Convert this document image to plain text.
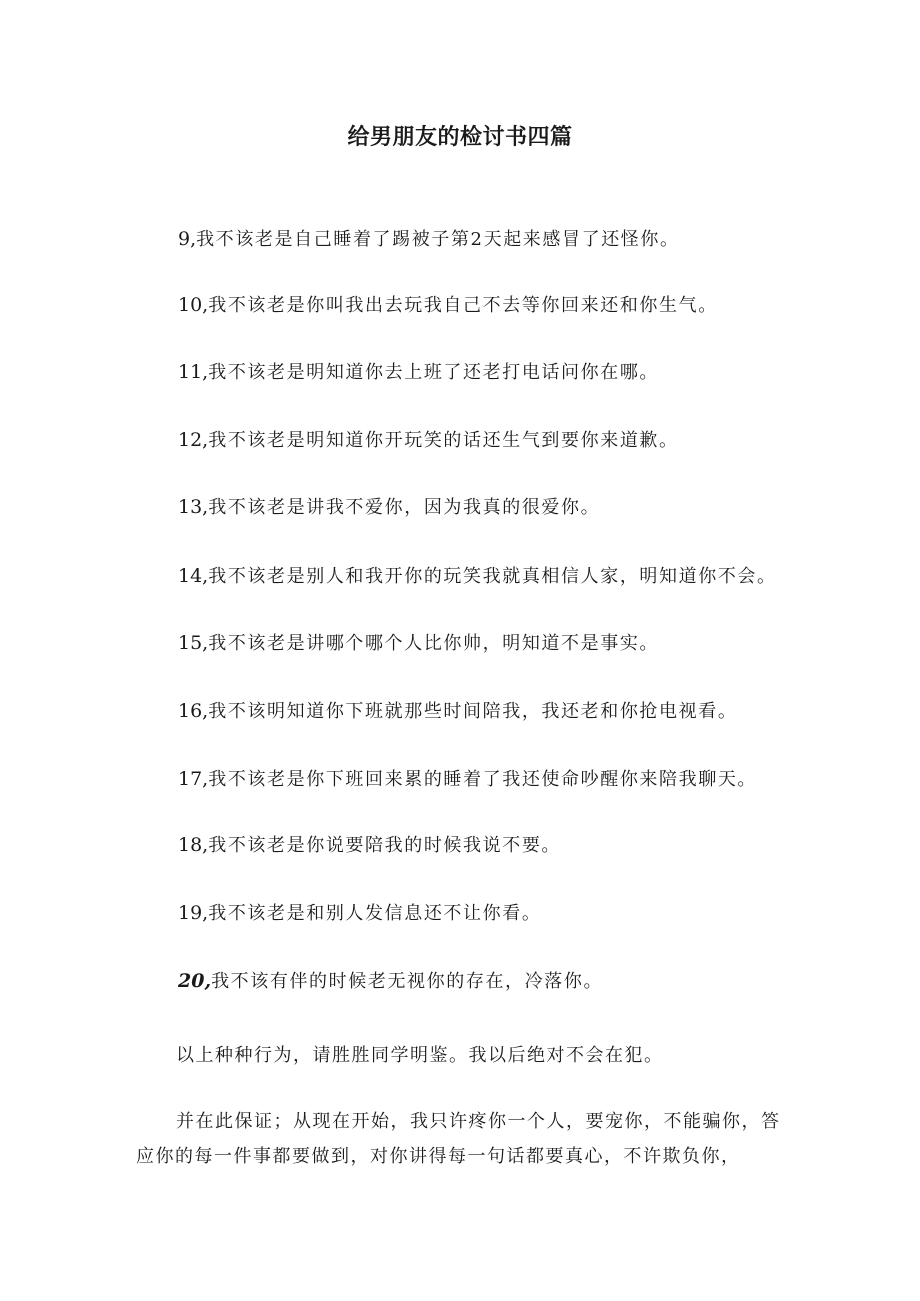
给男朋友的检讨书四篇

9,我不该老是自己睡着了踢被子第2天起来感冒了还怪你。

10,我不该老是你叫我出去玩我自己不去等你回来还和你生气。

11,我不该老是明知道你去上班了还老打电话问你在哪。

12,我不该老是明知道你开玩笑的话还生气到要你来道歉。

13,我不该老是讲我不爱你，因为我真的很爱你。

14,我不该老是别人和我开你的玩笑我就真相信人家，明知道你不会。

15,我不该老是讲哪个哪个人比你帅，明知道不是事实。

16,我不该明知道你下班就那些时间陪我，我还老和你抢电视看。

17,我不该老是你下班回来累的睡着了我还使命吵醒你来陪我聊天。

18,我不该老是你说要陪我的时候我说不要。

19,我不该老是和别人发信息还不让你看。

20,我不该有伴的时候老无视你的存在，冷落你。

以上种种行为，请胜胜同学明鉴。我以后绝对不会在犯。

并在此保证；从现在开始，我只许疼你一个人，要宠你，不能骗你，答应你的每一件事都要做到，对你讲得每一句话都要真心，不许欺负你，
